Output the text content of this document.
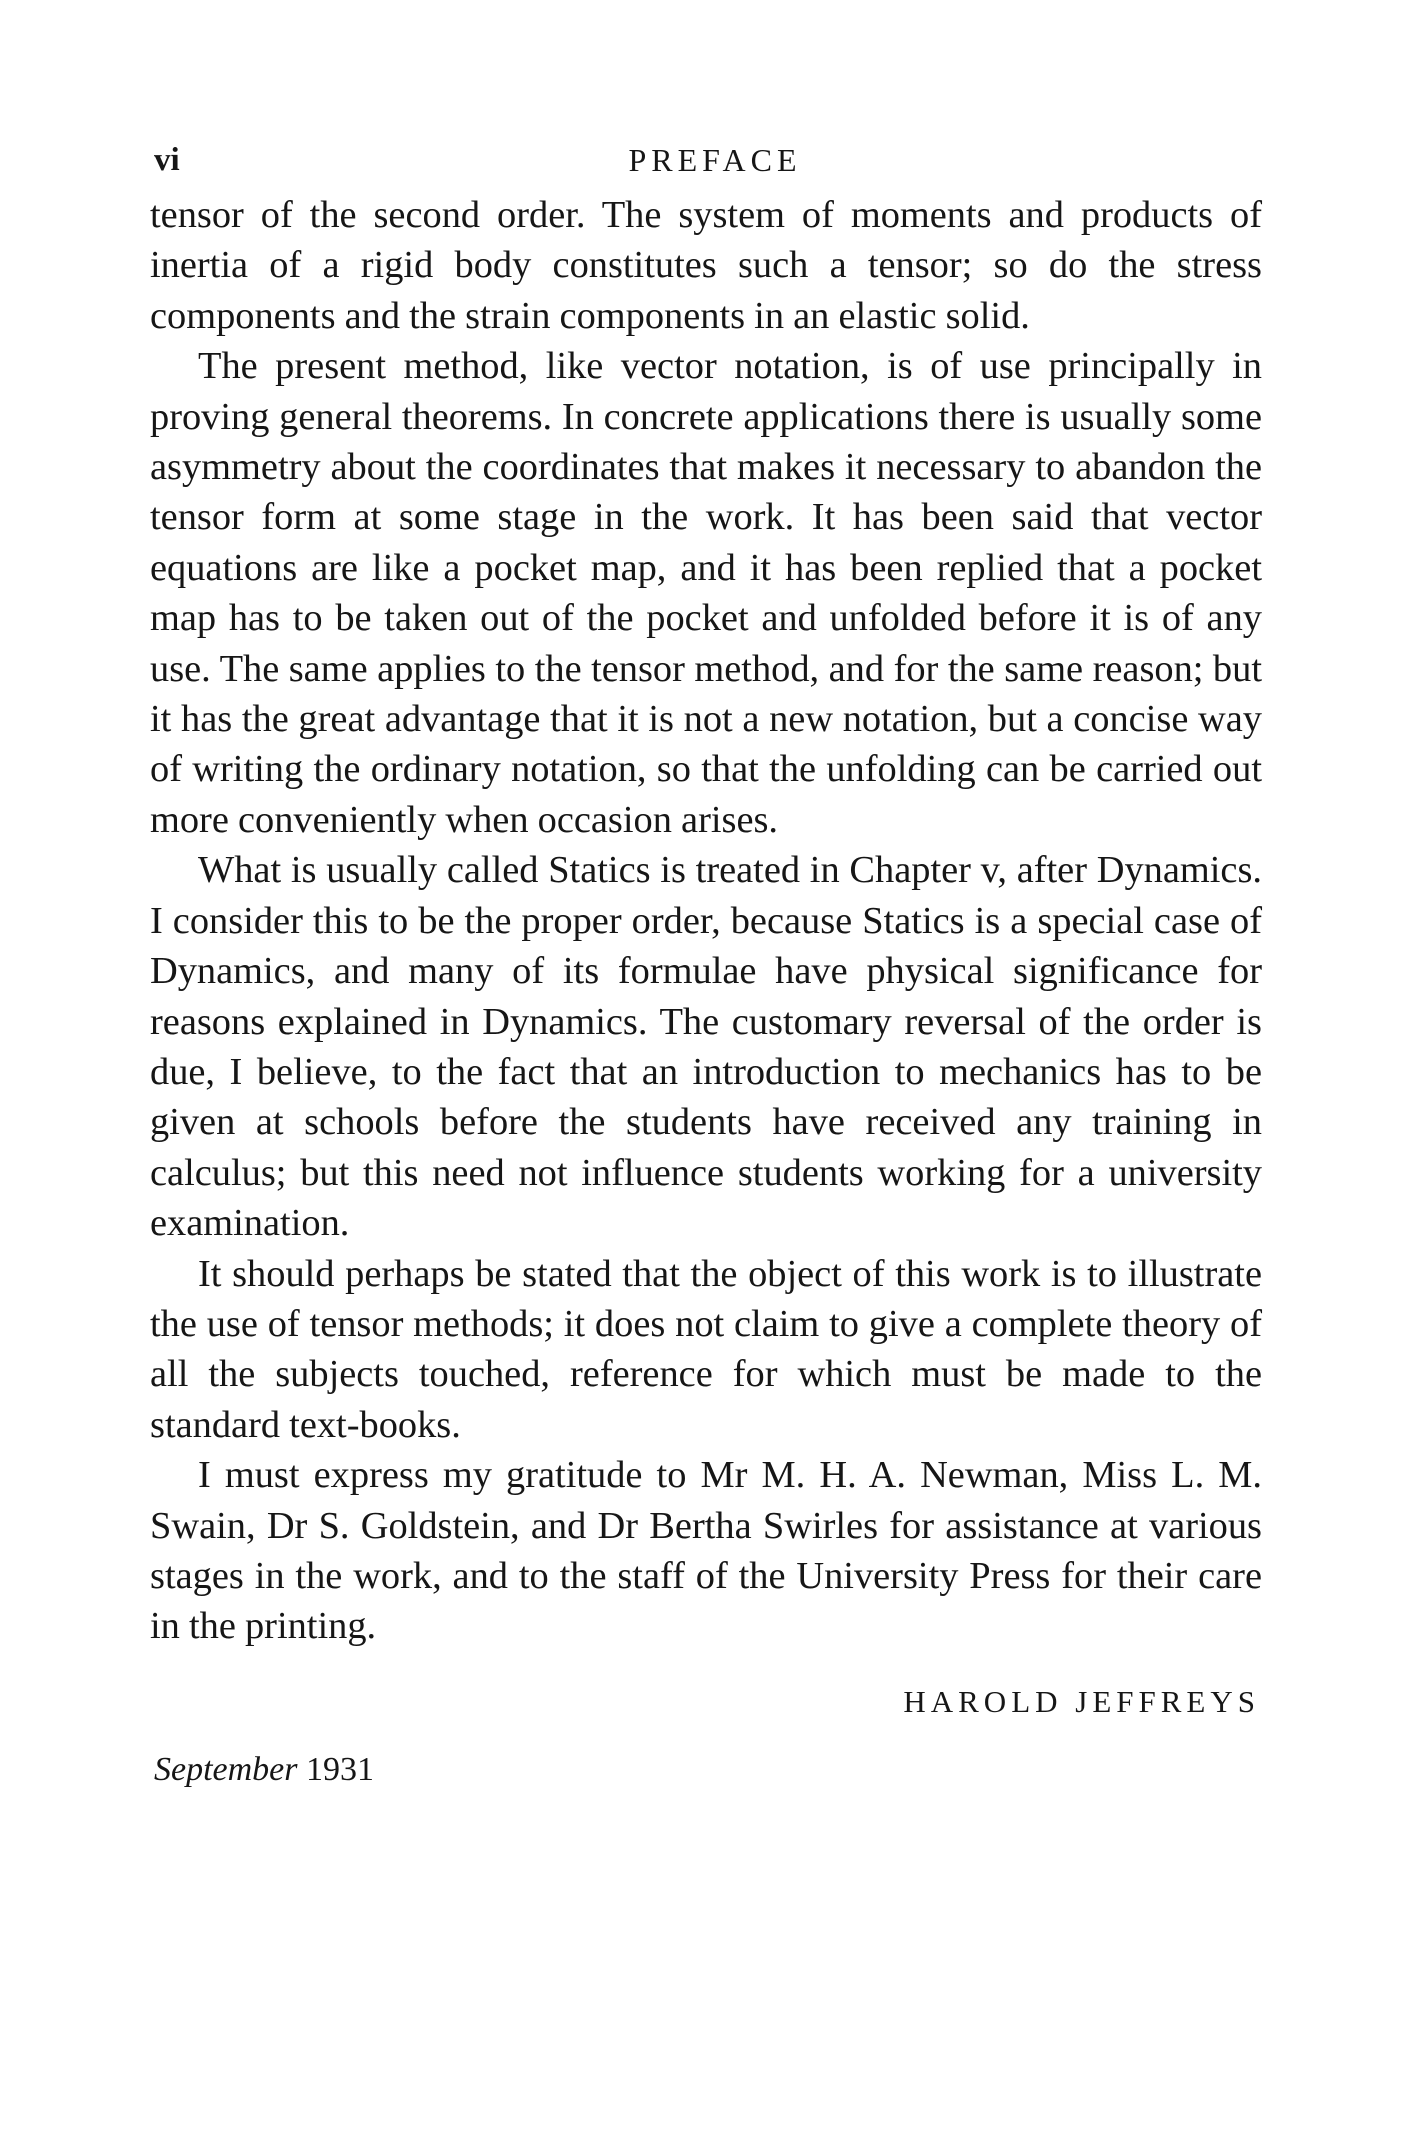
vi	PREFACE

tensor of the second order. The system of moments and products of inertia of a rigid body constitutes such a tensor; so do the stress components and the strain components in an elastic solid.

The present method, like vector notation, is of use principally in proving general theorems. In concrete applications there is usually some asymmetry about the coordinates that makes it necessary to abandon the tensor form at some stage in the work. It has been said that vector equations are like a pocket map, and it has been replied that a pocket map has to be taken out of the pocket and unfolded before it is of any use. The same applies to the tensor method, and for the same reason; but it has the great advantage that it is not a new notation, but a concise way of writing the ordinary notation, so that the unfolding can be carried out more conveniently when occasion arises.

What is usually called Statics is treated in Chapter v, after Dynamics. I consider this to be the proper order, because Statics is a special case of Dynamics, and many of its formulae have physical significance for reasons explained in Dynamics. The customary reversal of the order is due, I believe, to the fact that an introduction to mechanics has to be given at schools before the students have received any training in calculus; but this need not influence students working for a university examination.

It should perhaps be stated that the object of this work is to illustrate the use of tensor methods; it does not claim to give a complete theory of all the subjects touched, reference for which must be made to the standard text-books.

I must express my gratitude to Mr M. H. A. Newman, Miss L. M. Swain, Dr S. Goldstein, and Dr Bertha Swirles for assistance at various stages in the work, and to the staff of the University Press for their care in the printing.

HAROLD JEFFREYS
September 1931
